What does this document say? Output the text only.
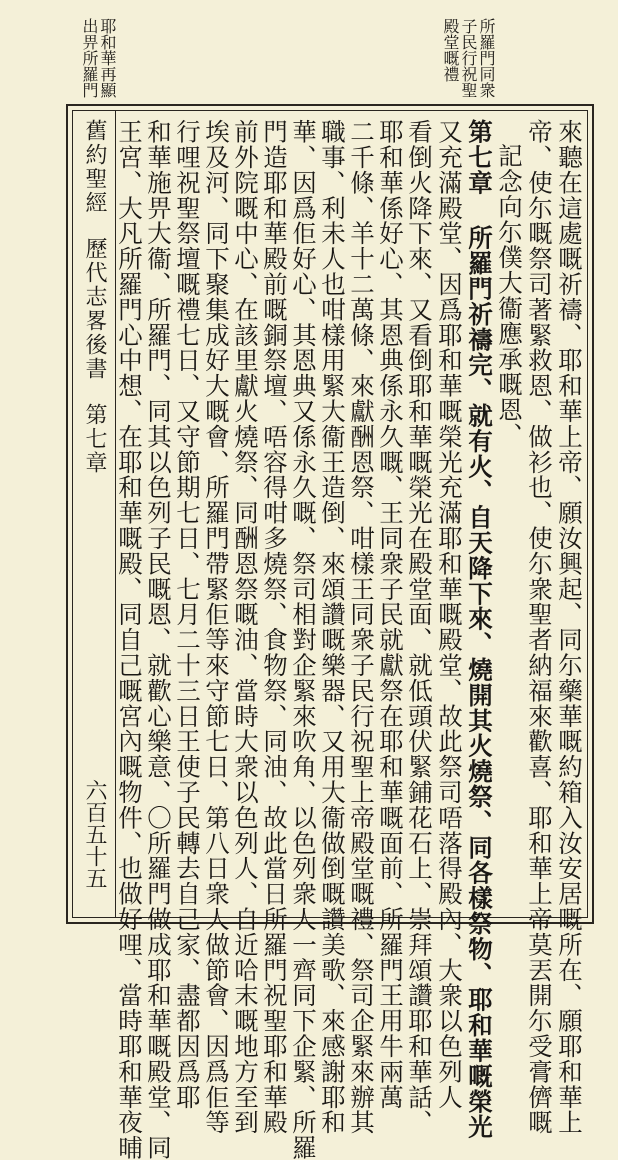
所羅門同衆
子民行祝聖
殿堂嘅禮
耶和華再顯
出畀所羅門
來聽在這處嘅祈禱、耶和華上帝、願汝興起、同尓藥華嘅約箱入汝安居嘅所在、願耶和華上
帝、使尓嘅祭司著緊救恩、做衫也、使尓衆聖者納福來歡喜、耶和華上帝莫丟開尓受膏儕嘅
記念向尓僕大衞應承嘅恩、
第七章 所羅門祈禱完、就有火、自天降下來、燒開其火燒祭、同各樣祭物、耶和華嘅榮光
又充滿殿堂、因爲耶和華嘅榮光充滿耶和華嘅殿堂、故此祭司唔落得殿內、大衆以色列人
看倒火降下來、又看倒耶和華嘅榮光在殿堂面、就低頭伏緊鋪花石上、崇拜頌讚耶和華話、
耶和華係好心、其恩典係永久嘅、王同衆子民就獻祭在耶和華嘅面前、所羅門王用牛兩萬
二千條、羊十二萬條、來獻酬恩祭、咁樣王同衆子民行祝聖上帝殿堂嘅禮、祭司企緊來辦其
職事、利未人也咁樣用緊大衞王造倒、來頌讚嘅樂器、又用大衞做倒嘅讚美歌、來感謝耶和
華、因爲佢好心、其恩典又係永久嘅、祭司相對企緊來吹角、以色列衆人一齊同下企緊、所羅
門造耶和華殿前嘅銅祭壇、唔容得咁多燒祭、食物祭、同油、故此當日所羅門祝聖耶和華殿
前外院嘅中心、在該里獻火燒祭、同酬恩祭嘅油、當時大衆以色列人、自近哈末嘅地方至到
埃及河、同下聚集成好大嘅會、所羅門帶緊佢等來守節七日、第八日衆人做節會、因爲佢等
行哩祝聖祭壇嘅禮七日、又守節期七日、七月二十三日王使子民轉去自己家、盡都因爲耶
和華施畀大衞、所羅門、同其以色列子民嘅恩、就歡心樂意、〇所羅門做成耶和華嘅殿堂、同
王宮、大凡所羅門心中想、在耶和華嘅殿、同自己嘅宮內嘅物件、也做好哩、當時耶和華夜晡
舊約聖經歷代志畧後書第七章
六百五十五
